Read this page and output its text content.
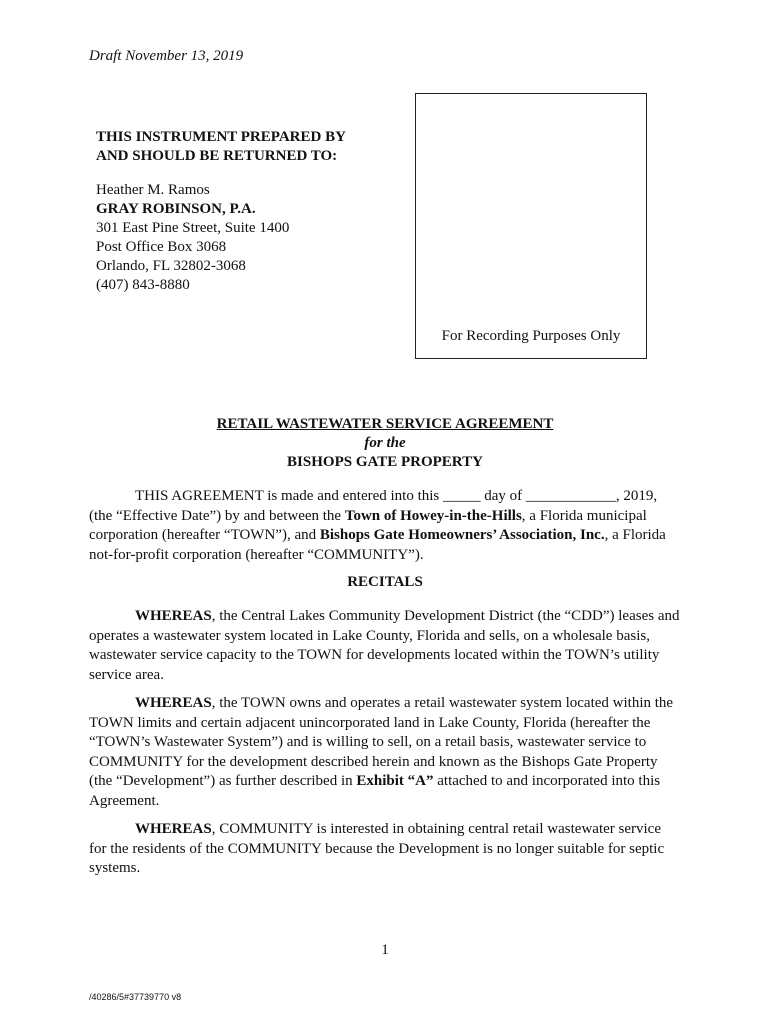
Draft November 13, 2019
For Recording Purposes Only
THIS INSTRUMENT PREPARED BY
AND SHOULD BE RETURNED TO:
Heather M. Ramos
GRAY ROBINSON, P.A.
301 East Pine Street, Suite 1400
Post Office Box 3068
Orlando, FL 32802-3068
(407) 843-8880
RETAIL WASTEWATER SERVICE AGREEMENT
for the
BISHOPS GATE PROPERTY
THIS AGREEMENT is made and entered into this _____ day of ____________, 2019, (the “Effective Date”) by and between the Town of Howey-in-the-Hills, a Florida municipal corporation (hereafter “TOWN”), and Bishops Gate Homeowners’ Association, Inc., a Florida not-for-profit corporation (hereafter “COMMUNITY”).
RECITALS
WHEREAS, the Central Lakes Community Development District (the “CDD”) leases and operates a wastewater system located in Lake County, Florida and sells, on a wholesale basis, wastewater service capacity to the TOWN for developments located within the TOWN’s utility service area.
WHEREAS, the TOWN owns and operates a retail wastewater system located within the TOWN limits and certain adjacent unincorporated land in Lake County, Florida (hereafter the “TOWN’s Wastewater System”) and is willing to sell, on a retail basis, wastewater service to COMMUNITY for the development described herein and known as the Bishops Gate Property (the “Development”) as further described in Exhibit “A” attached to and incorporated into this Agreement.
WHEREAS, COMMUNITY is interested in obtaining central retail wastewater service for the residents of the COMMUNITY because the Development is no longer suitable for septic systems.
1
/40286/5#37739770 v8
